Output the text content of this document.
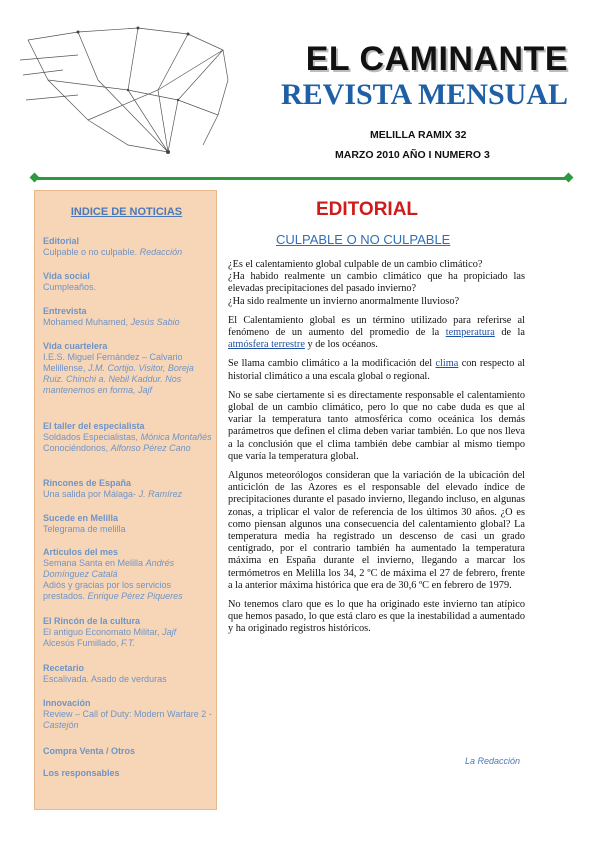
EL CAMINANTE
REVISTA MENSUAL
MELILLA RAMIX 32
MARZO 2010 AÑO I NUMERO 3
INDICE DE NOTICIAS
Editorial
Culpable o no culpable. Redacción
Vida social
Cumpleaños.
Entrevista
Mohamed Muhamed, Jesús Sabio
Vida cuartelera
I.E.S. Miguel Fernández – Calvario Melillense, J.M. Cortijo. Visitor, Boreja Ruiz. Chinchi a. Nebil Kaddur. Nos mantenemos en forma, Jajf
El taller del especialista
Soldados Especialistas, Mónica Montañés
Conociéndonos, Alfonso Pérez Cano
Rincones de España
Una salida por Málaga- J. Ramírez
Sucede en Melilla
Telegrama de melilla
Artículos del mes
Semana Santa en Melilla Andrés Domínguez Catalá
Adiós y gracias por los servicios prestados. Enrique Pérez Piqueres
El Rincón de la cultura
El antiguo Economato Militar, Jajf
Alcesús Fumillado, F.T.
Recetario
Escalivada. Asado de verduras
Innovación
Review – Call of Duty: Modern Warfare 2 - Castejón
Compra Venta / Otros
Los responsables
EDITORIAL
CULPABLE O NO CULPABLE

¿Es el calentamiento global culpable de un cambio climático?

¿Ha habido realmente un cambio climático que ha propiciado las elevadas precipitaciones del pasado invierno?

¿Ha sido realmente un invierno anormalmente lluvioso?

El Calentamiento global es un término utilizado para referirse al fenómeno de un aumento del promedio de la temperatura de la atmósfera terrestre y de los océanos.

Se llama cambio climático a la modificación del clima con respecto al historial climático a una escala global o regional.

No se sabe ciertamente si es directamente responsable el calentamiento global de un cambio climático, pero lo que no cabe duda es que al variar la temperatura tanto atmosférica como oceánica los demás parámetros que definen el clima deben variar también. Lo que nos lleva a la conclusión que el clima también debe cambiar al mismo tiempo que varía la temperatura global.

Algunos meteorólogos consideran que la variación de la ubicación del anticiclón de las Azores es el responsable del elevado índice de precipitaciones durante el pasado invierno, llegando incluso, en algunas zonas, a triplicar el valor de referencia de los últimos 30 años. ¿O es como piensan algunos una consecuencia del calentamiento global? La temperatura media ha registrado un descenso de casi un grado centígrado, por el contrario también ha aumentado la temperatura máxima en España durante el invierno, llegando a marcar los termómetros en Melilla los 34, 2 ºC de máxima el 27 de febrero, frente a la anterior máxima histórica que era de 30,6 ºC en febrero de 1979.

No tenemos claro que es lo que ha originado este invierno tan atípico que hemos pasado, lo que está claro es que la inestabilidad a aumentado y ha originado registros históricos.

La Redacción
